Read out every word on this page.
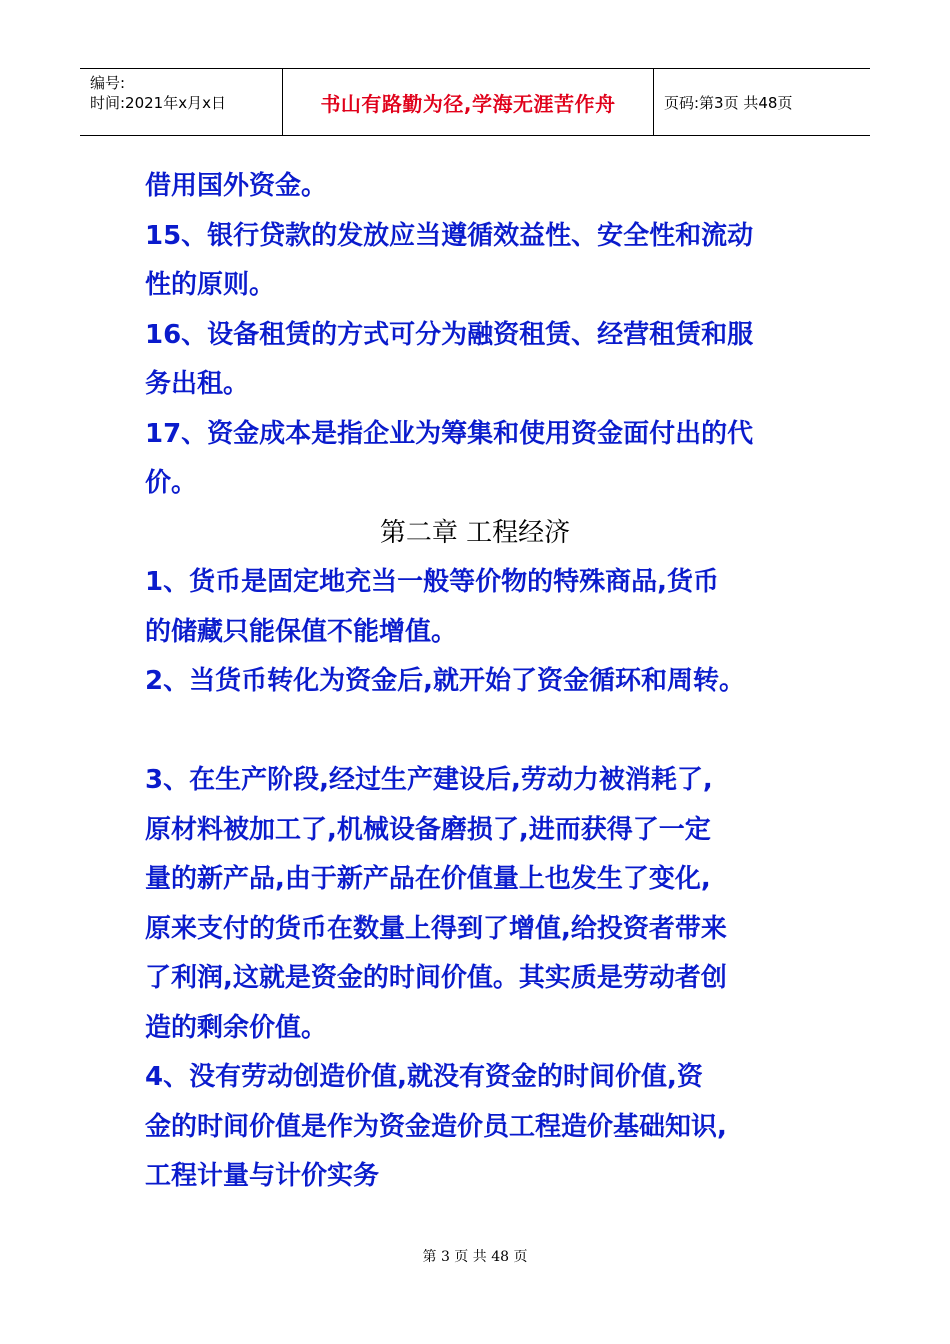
编号:
时间:2021年x月x日	书山有路勤为径,学海无涯苦作舟	页码:第3页 共48页

借用国外资金。

15、银行贷款的发放应当遵循效益性、安全性和流动

性的原则。

16、设备租赁的方式可分为融资租赁、经营租赁和服

务出租。

17、资金成本是指企业为筹集和使用资金面付出的代

价。

第二章 工程经济

1、货币是固定地充当一般等价物的特殊商品,货币

的储藏只能保值不能增值。

2、当货币转化为资金后,就开始了资金循环和周转。

3、在生产阶段,经过生产建设后,劳动力被消耗了,

原材料被加工了,机械设备磨损了,进而获得了一定

量的新产品,由于新产品在价值量上也发生了变化,

原来支付的货币在数量上得到了增值,给投资者带来

了利润,这就是资金的时间价值。其实质是劳动者创

造的剩余价值。

4、没有劳动创造价值,就没有资金的时间价值,资

金的时间价值是作为资金造价员工程造价基础知识,

工程计量与计价实务

第 3 页 共 48 页
